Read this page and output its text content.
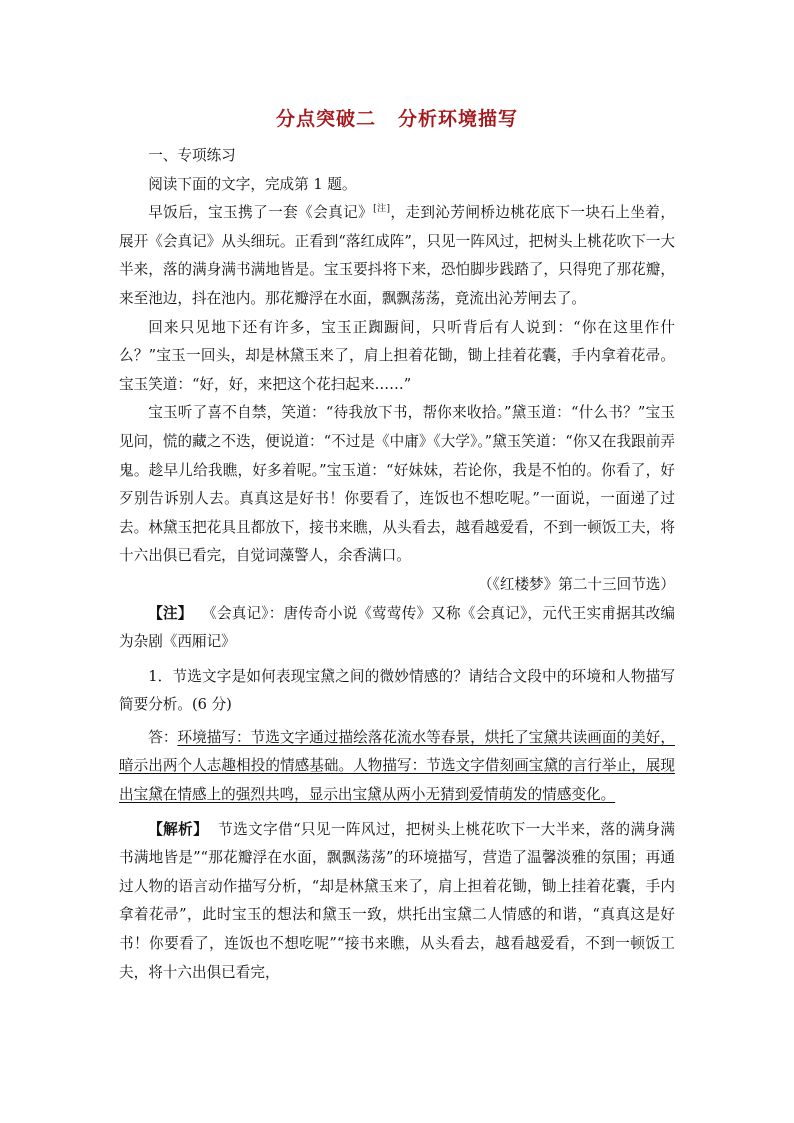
分点突破二 分析环境描写

一、专项练习

阅读下面的文字，完成第 1 题。

早饭后，宝玉携了一套《会真记》[注]，走到沁芳闸桥边桃花底下一块石上坐着，展开《会真记》从头细玩。正看到“落红成阵”，只见一阵风过，把树头上桃花吹下一大半来，落的满身满书满地皆是。宝玉要抖将下来，恐怕脚步践踏了，只得兜了那花瓣，来至池边，抖在池内。那花瓣浮在水面，飘飘荡荡，竟流出沁芳闸去了。

回来只见地下还有许多，宝玉正踟蹰间，只听背后有人说到：“你在这里作什么？”宝玉一回头，却是林黛玉来了，肩上担着花锄，锄上挂着花囊，手内拿着花帚。宝玉笑道：“好，好，来把这个花扫起来……”

宝玉听了喜不自禁，笑道：“待我放下书，帮你来收拾。”黛玉道：“什么书？”宝玉见问，慌的藏之不迭，便说道：“不过是《中庸》《大学》。”黛玉笑道：“你又在我跟前弄鬼。趁早儿给我瞧，好多着呢。”宝玉道：“好妹妹，若论你，我是不怕的。你看了，好歹别告诉别人去。真真这是好书！你要看了，连饭也不想吃呢。”一面说，一面递了过去。林黛玉把花具且都放下，接书来瞧，从头看去，越看越爱看，不到一顿饭工夫，将十六出俱已看完，自觉词藻警人，余香满口。

（《红楼梦》第二十三回节选）

【注】 《会真记》：唐传奇小说《莺莺传》又称《会真记》，元代王实甫据其改编为杂剧《西厢记》

1．节选文字是如何表现宝黛之间的微妙情感的？请结合文段中的环境和人物描写简要分析。(6 分)

答：环境描写：节选文字通过描绘落花流水等春景，烘托了宝黛共读画面的美好，暗示出两个人志趣相投的情感基础。人物描写：节选文字借刻画宝黛的言行举止，展现出宝黛在情感上的强烈共鸣，显示出宝黛从两小无猜到爱情萌发的情感变化。

【解析】 节选文字借“只见一阵风过，把树头上桃花吹下一大半来，落的满身满书满地皆是”“那花瓣浮在水面，飘飘荡荡”的环境描写，营造了温馨淡雅的氛围；再通过人物的语言动作描写分析，“却是林黛玉来了，肩上担着花锄，锄上挂着花囊，手内拿着花帚”，此时宝玉的想法和黛玉一致，烘托出宝黛二人情感的和谐，“真真这是好书！你要看了，连饭也不想吃呢”“接书来瞧，从头看去，越看越爱看，不到一顿饭工夫，将十六出俱已看完，
